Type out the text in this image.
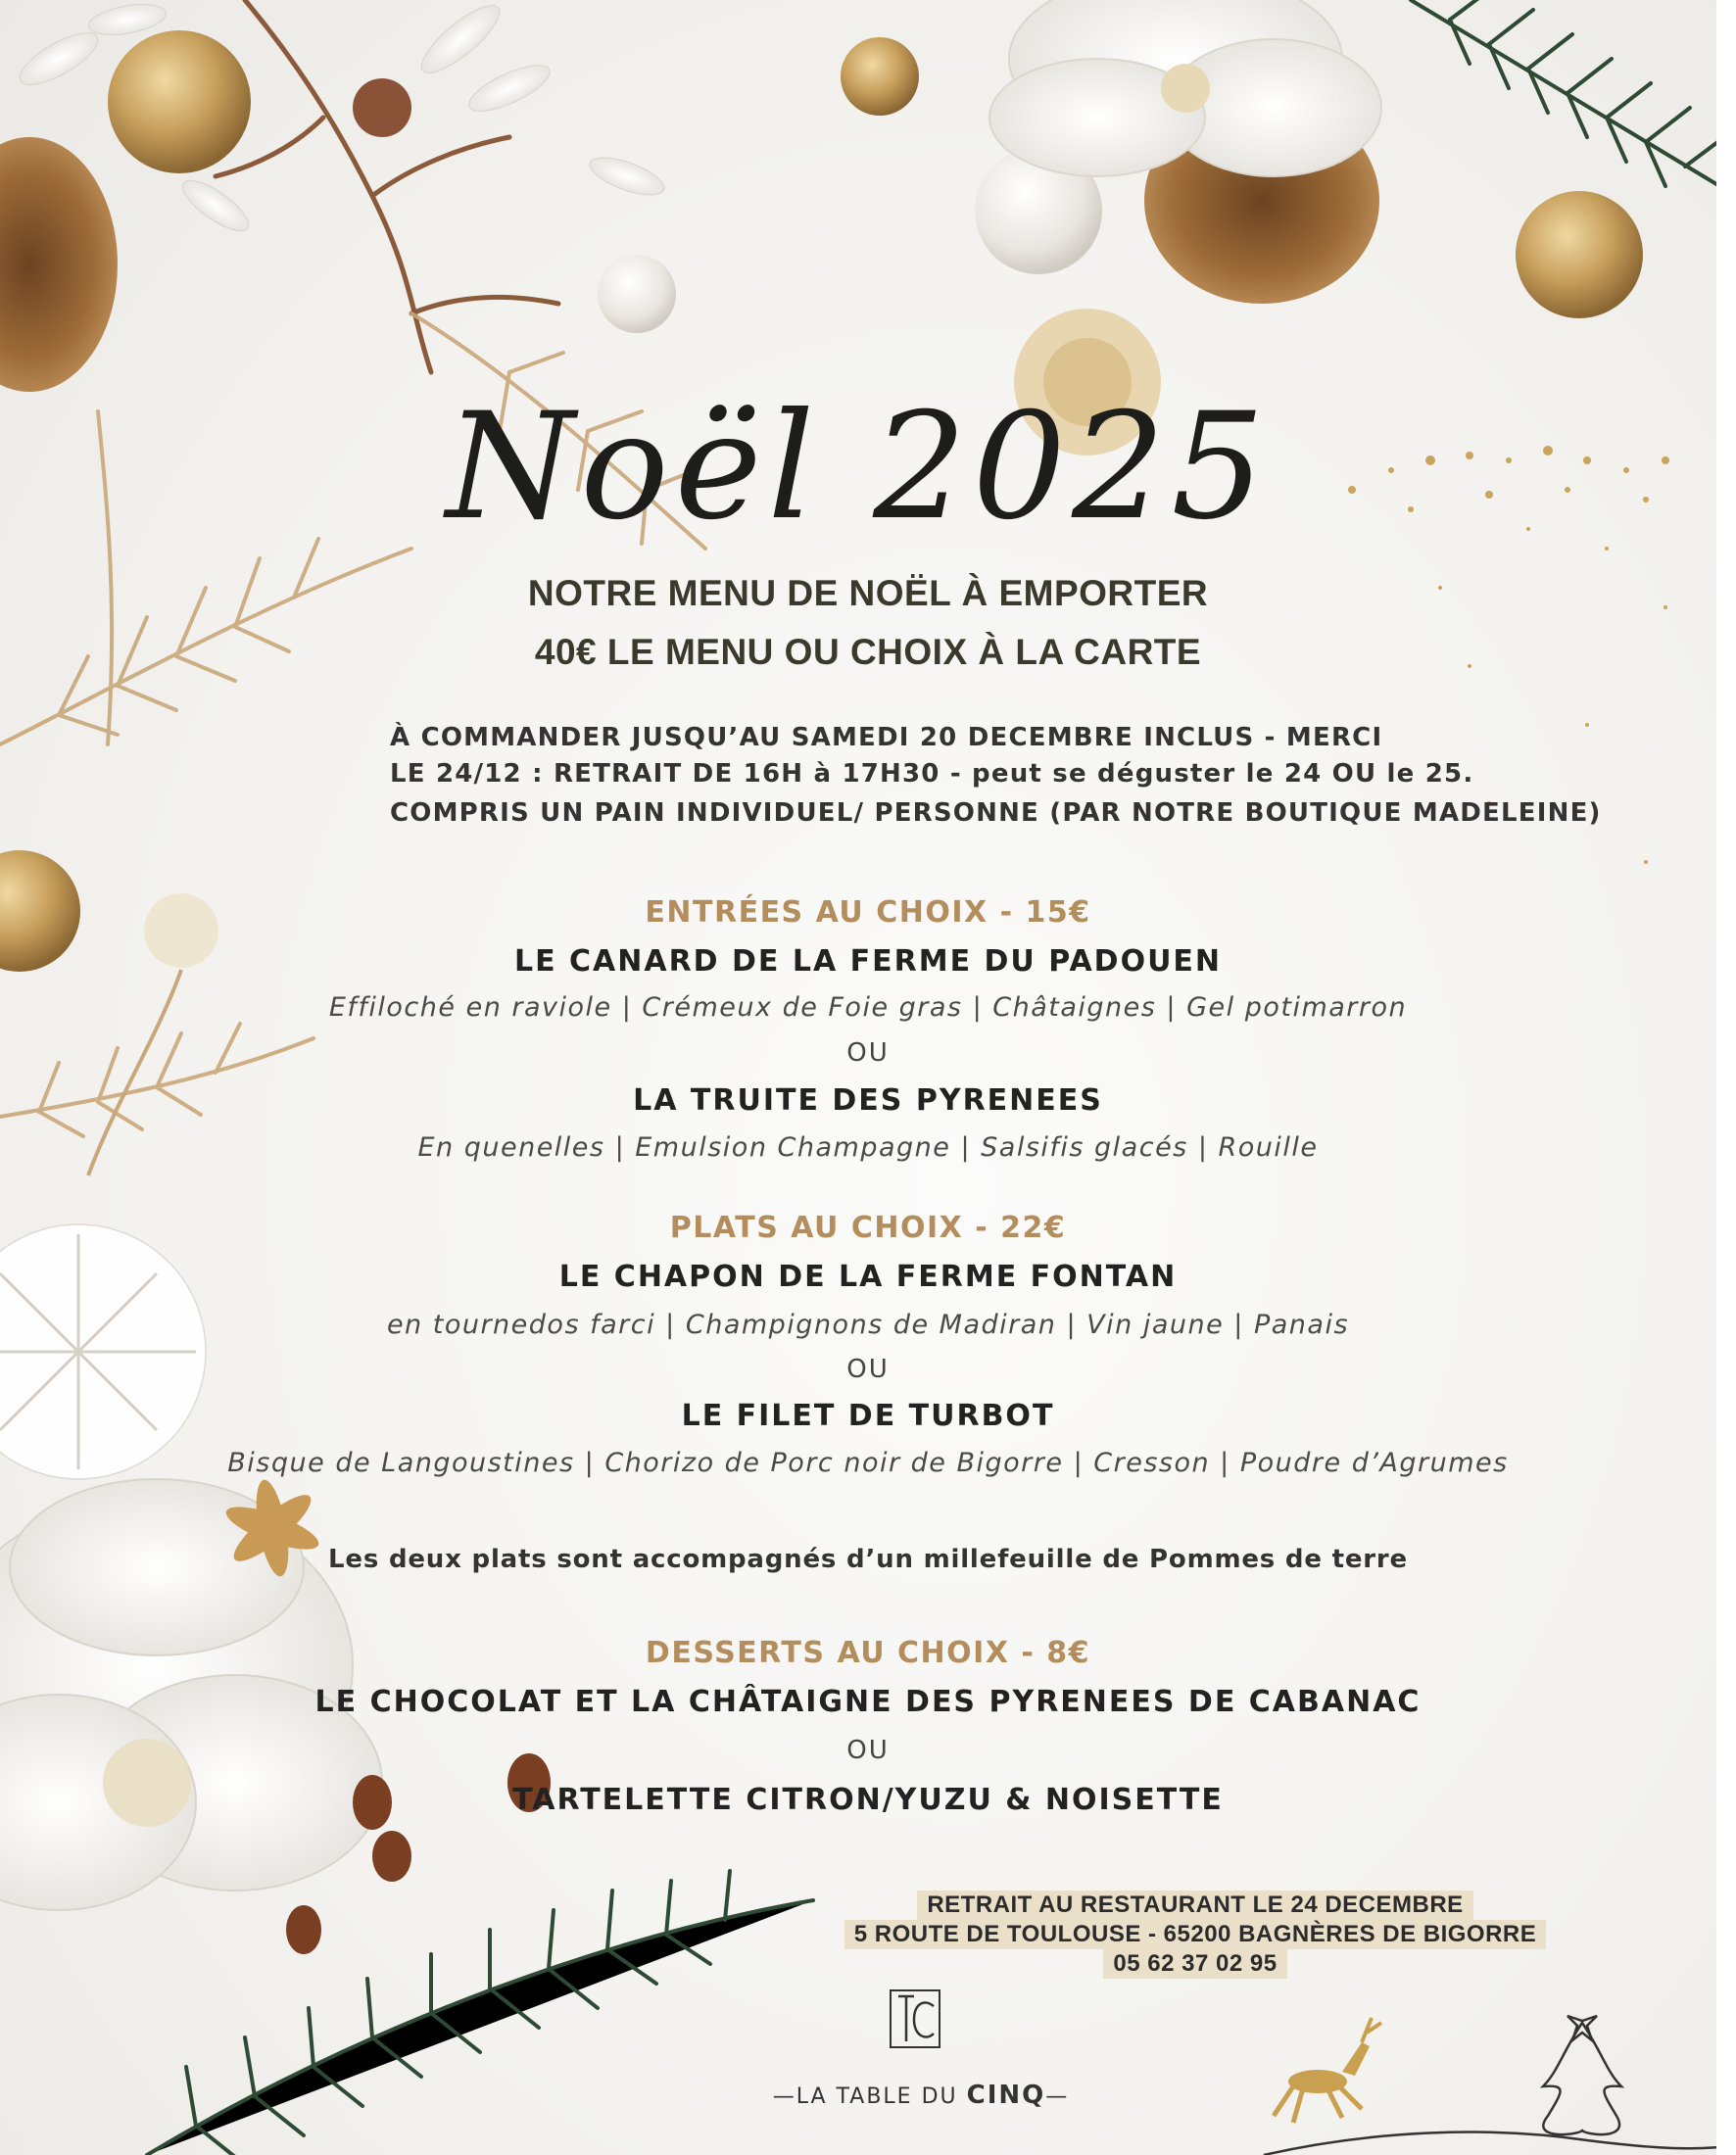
Noël 2025
NOTRE MENU DE NOËL À EMPORTER
40€ LE MENU OU CHOIX À LA CARTE
À COMMANDER JUSQU’AU SAMEDI 20 DECEMBRE INCLUS - MERCI
LE 24/12 : RETRAIT DE 16H à 17H30 - peut se déguster le 24 OU le 25.
COMPRIS UN PAIN INDIVIDUEL/ PERSONNE (PAR NOTRE BOUTIQUE MADELEINE)
ENTRÉES AU CHOIX - 15€
LE CANARD DE LA FERME DU PADOUEN
Effiloché en raviole | Crémeux de Foie gras | Châtaignes | Gel potimarron
OU
LA TRUITE DES PYRENEES
En quenelles | Emulsion Champagne | Salsifis glacés | Rouille
PLATS AU CHOIX - 22€
LE CHAPON DE LA FERME FONTAN
en tournedos farci | Champignons de Madiran | Vin jaune | Panais
OU
LE FILET DE TURBOT
Bisque de Langoustines | Chorizo de Porc noir de Bigorre | Cresson | Poudre d’Agrumes
Les deux plats sont accompagnés d’un millefeuille de Pommes de terre
DESSERTS AU CHOIX - 8€
LE CHOCOLAT ET LA CHÂTAIGNE DES PYRENEES DE CABANAC
OU
TARTELETTE CITRON/YUZU & NOISETTE
RETRAIT AU RESTAURANT LE 24 DECEMBRE
5 ROUTE DE TOULOUSE - 65200 BAGNÈRES DE BIGORRE
05 62 37 02 95
—LA TABLE DU CINQ—
